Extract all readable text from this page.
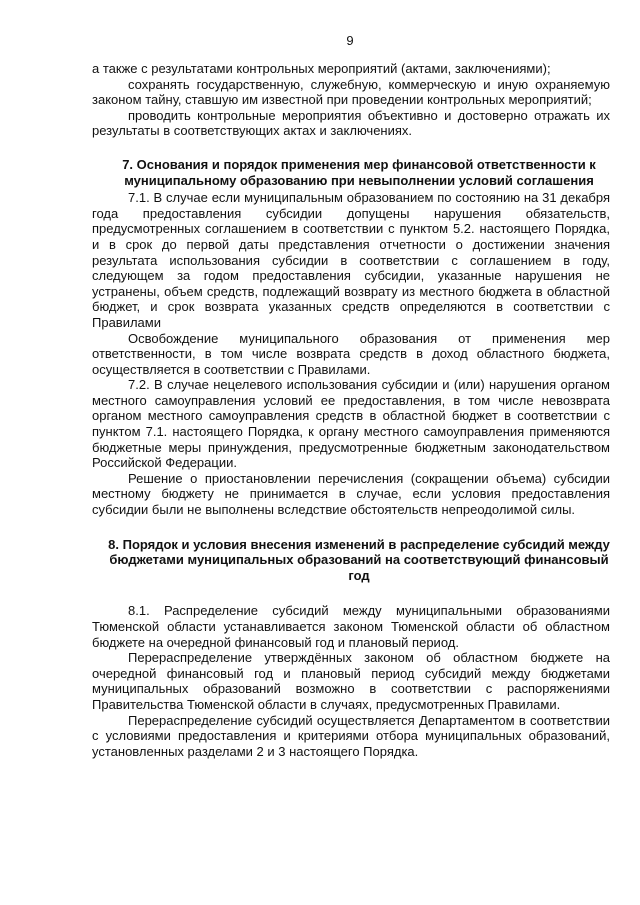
9

а также с результатами контрольных мероприятий (актами, заключениями);

сохранять государственную, служебную, коммерческую и иную охраняемую законом тайну, ставшую им известной при проведении контрольных мероприятий;

проводить контрольные мероприятия объективно и достоверно отражать их результаты в соответствующих актах и заключениях.

7. Основания и порядок применения мер финансовой ответственности к муниципальному образованию при невыполнении условий соглашения

7.1. В случае если муниципальным образованием по состоянию на 31 декабря года предоставления субсидии допущены нарушения обязательств, предусмотренных соглашением в соответствии с пунктом 5.2. настоящего Порядка, и в срок до первой даты представления отчетности о достижении значения результата использования субсидии в соответствии с соглашением в году, следующем за годом предоставления субсидии, указанные нарушения не устранены, объем средств, подлежащий возврату из местного бюджета в областной бюджет, и срок возврата указанных средств определяются в соответствии с Правилами

Освобождение муниципального образования от применения мер ответственности, в том числе возврата средств в доход областного бюджета, осуществляется в соответствии с Правилами.

7.2. В случае нецелевого использования субсидии и (или) нарушения органом местного самоуправления условий ее предоставления, в том числе невозврата органом местного самоуправления средств в областной бюджет в соответствии с пунктом 7.1. настоящего Порядка, к органу местного самоуправления применяются бюджетные меры принуждения, предусмотренные бюджетным законодательством Российской Федерации.

Решение о приостановлении перечисления (сокращении объема) субсидии местному бюджету не принимается в случае, если условия предоставления субсидии были не выполнены вследствие обстоятельств непреодолимой силы.

8. Порядок и условия внесения изменений в распределение субсидий между бюджетами муниципальных образований на соответствующий финансовый год

8.1. Распределение субсидий между муниципальными образованиями Тюменской области устанавливается законом Тюменской области об областном бюджете на очередной финансовый год и плановый период.

Перераспределение утверждённых законом об областном бюджете на очередной финансовый год и плановый период субсидий между бюджетами муниципальных образований возможно в соответствии с распоряжениями Правительства Тюменской области в случаях, предусмотренных Правилами.

Перераспределение субсидий осуществляется Департаментом в соответствии с условиями предоставления и критериями отбора муниципальных образований, установленных разделами 2 и 3 настоящего Порядка.
